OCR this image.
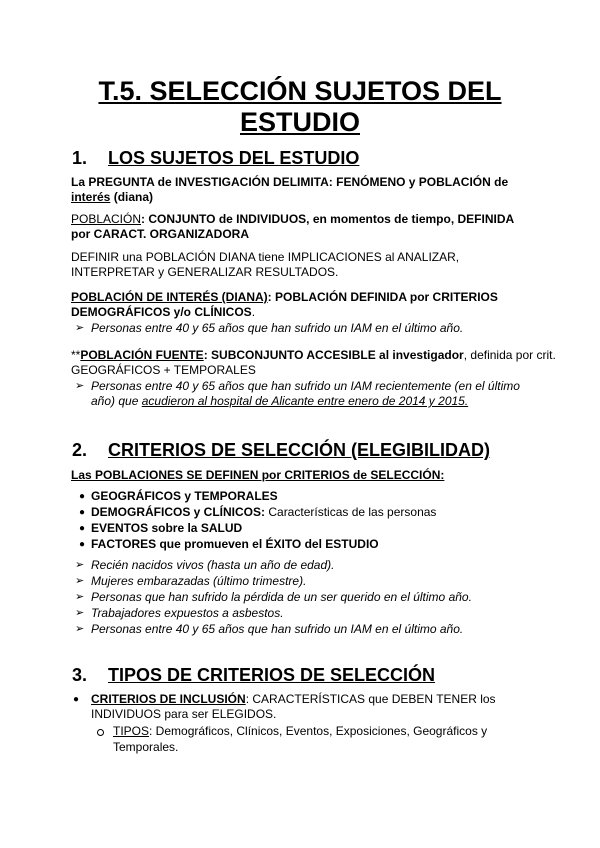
T.5. SELECCIÓN SUJETOS DEL
ESTUDIO
1. LOS SUJETOS DEL ESTUDIO
La PREGUNTA de INVESTIGACIÓN DELIMITA: FENÓMENO y POBLACIÓN de
interés (diana)
POBLACIÓN: CONJUNTO de INDIVIDUOS, en momentos de tiempo, DEFINIDA
por CARACT. ORGANIZADORA
DEFINIR una POBLACIÓN DIANA tiene IMPLICACIONES al ANALIZAR,
INTERPRETAR y GENERALIZAR RESULTADOS.
POBLACIÓN DE INTERÉS (DIANA): POBLACIÓN DEFINIDA por CRITERIOS
DEMOGRÁFICOS y/o CLÍNICOS.
➢ Personas entre 40 y 65 años que han sufrido un IAM en el último año.
**POBLACIÓN FUENTE: SUBCONJUNTO ACCESIBLE al investigador, definida por crit.
GEOGRÁFICOS + TEMPORALES
➢ Personas entre 40 y 65 años que han sufrido un IAM recientemente (en el último
año) que acudieron al hospital de Alicante entre enero de 2014 y 2015.
2. CRITERIOS DE SELECCIÓN (ELEGIBILIDAD)
Las POBLACIONES SE DEFINEN por CRITERIOS de SELECCIÓN:
● GEOGRÁFICOS y TEMPORALES
● DEMOGRÁFICOS y CLÍNICOS: Características de las personas
● EVENTOS sobre la SALUD
● FACTORES que promueven el ÉXITO del ESTUDIO
➢ Recién nacidos vivos (hasta un año de edad).
➢ Mujeres embarazadas (último trimestre).
➢ Personas que han sufrido la pérdida de un ser querido en el último año.
➢ Trabajadores expuestos a asbestos.
➢ Personas entre 40 y 65 años que han sufrido un IAM en el último año.
3. TIPOS DE CRITERIOS DE SELECCIÓN
● CRITERIOS DE INCLUSIÓN: CARACTERÍSTICAS que DEBEN TENER los
INDIVIDUOS para ser ELEGIDOS.
TIPOS: Demográficos, Clínicos, Eventos, Exposiciones, Geográficos y
Temporales.
